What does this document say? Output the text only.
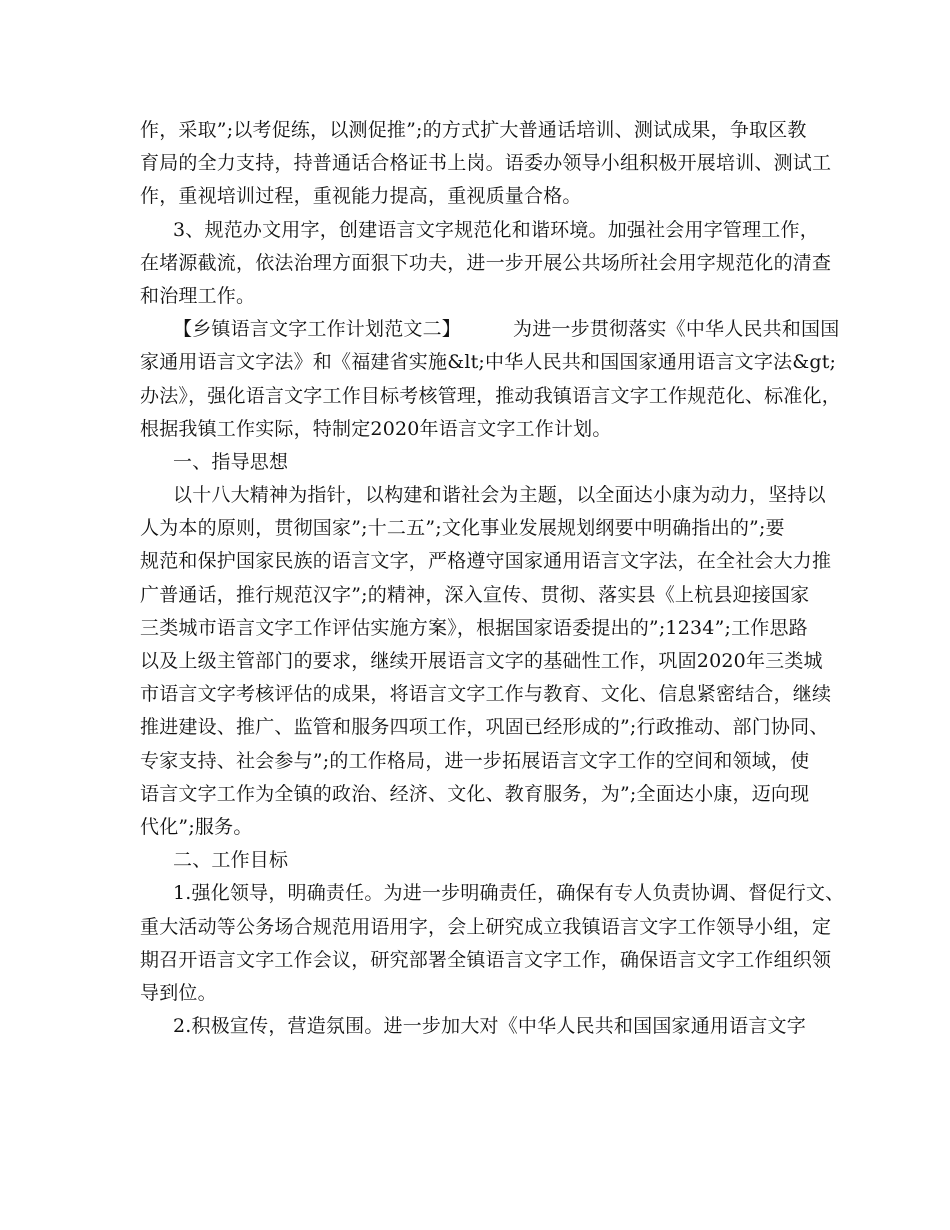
作，采取”;以考促练，以测促推”;的方式扩大普通话培训、测试成果，争取区教
育局的全力支持，持普通话合格证书上岗。语委办领导小组积极开展培训、测试工
作，重视培训过程，重视能力提高，重视质量合格。
3、规范办文用字，创建语言文字规范化和谐环境。加强社会用字管理工作，
在堵源截流，依法治理方面狠下功夫，进一步开展公共场所社会用字规范化的清查
和治理工作。
【乡镇语言文字工作计划范文二】	为进一步贯彻落实《中华人民共和国国
家通用语言文字法》和《福建省实施&lt;中华人民共和国国家通用语言文字法&gt;
办法》，强化语言文字工作目标考核管理，推动我镇语言文字工作规范化、标准化，
根据我镇工作实际，特制定2020年语言文字工作计划。
一、指导思想
以十八大精神为指针，以构建和谐社会为主题，以全面达小康为动力，坚持以
人为本的原则，贯彻国家”;十二五”;文化事业发展规划纲要中明确指出的”;要
规范和保护国家民族的语言文字，严格遵守国家通用语言文字法，在全社会大力推
广普通话，推行规范汉字”;的精神，深入宣传、贯彻、落实县《上杭县迎接国家
三类城市语言文字工作评估实施方案》，根据国家语委提出的”;1234”;工作思路
以及上级主管部门的要求，继续开展语言文字的基础性工作，巩固2020年三类城
市语言文字考核评估的成果，将语言文字工作与教育、文化、信息紧密结合，继续
推进建设、推广、监管和服务四项工作，巩固已经形成的”;行政推动、部门协同、
专家支持、社会参与”;的工作格局，进一步拓展语言文字工作的空间和领域，使
语言文字工作为全镇的政治、经济、文化、教育服务，为”;全面达小康，迈向现
代化”;服务。
二、工作目标
1.强化领导，明确责任。为进一步明确责任，确保有专人负责协调、督促行文、
重大活动等公务场合规范用语用字，会上研究成立我镇语言文字工作领导小组，定
期召开语言文字工作会议，研究部署全镇语言文字工作，确保语言文字工作组织领
导到位。
2.积极宣传，营造氛围。进一步加大对《中华人民共和国国家通用语言文字
